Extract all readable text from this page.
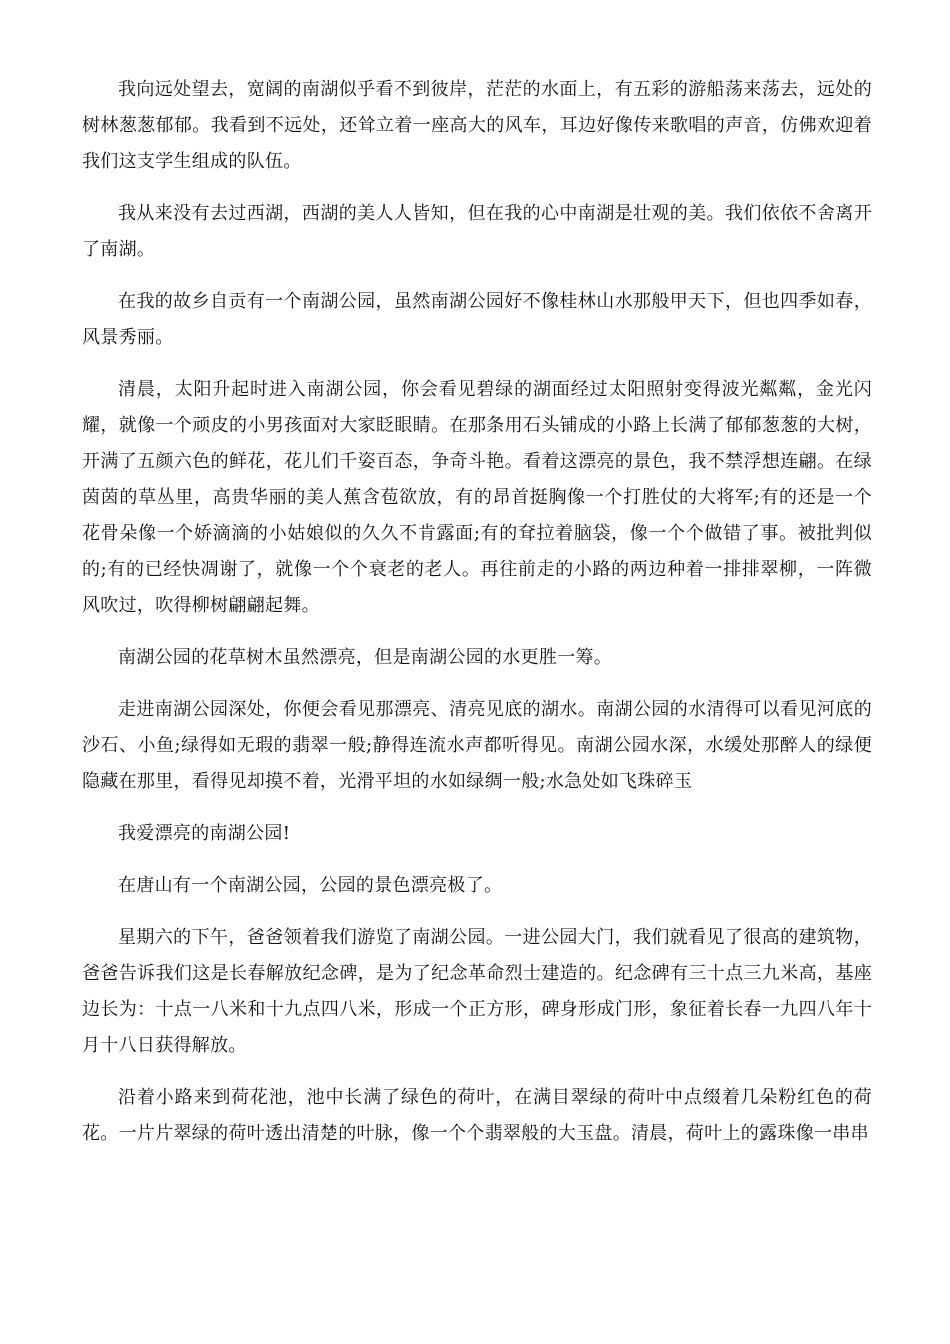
我向远处望去，宽阔的南湖似乎看不到彼岸，茫茫的水面上，有五彩的游船荡来荡去，远处的树林葱葱郁郁。我看到不远处，还耸立着一座高大的风车，耳边好像传来歌唱的声音，仿佛欢迎着我们这支学生组成的队伍。

我从来没有去过西湖，西湖的美人人皆知，但在我的心中南湖是壮观的美。我们依依不舍离开了南湖。

在我的故乡自贡有一个南湖公园，虽然南湖公园好不像桂林山水那般甲天下，但也四季如春，风景秀丽。

清晨，太阳升起时进入南湖公园，你会看见碧绿的湖面经过太阳照射变得波光粼粼，金光闪耀，就像一个顽皮的小男孩面对大家眨眼睛。在那条用石头铺成的小路上长满了郁郁葱葱的大树，开满了五颜六色的鲜花，花儿们千姿百态，争奇斗艳。看着这漂亮的景色，我不禁浮想连翩。在绿茵茵的草丛里，高贵华丽的美人蕉含苞欲放，有的昂首挺胸像一个打胜仗的大将军;有的还是一个花骨朵像一个娇滴滴的小姑娘似的久久不肯露面;有的耷拉着脑袋，像一个个做错了事。被批判似的;有的已经快凋谢了，就像一个个衰老的老人。再往前走的小路的两边种着一排排翠柳，一阵微风吹过，吹得柳树翩翩起舞。

南湖公园的花草树木虽然漂亮，但是南湖公园的水更胜一筹。

走进南湖公园深处，你便会看见那漂亮、清亮见底的湖水。南湖公园的水清得可以看见河底的沙石、小鱼;绿得如无瑕的翡翠一般;静得连流水声都听得见。南湖公园水深，水缓处那醉人的绿便隐藏在那里，看得见却摸不着，光滑平坦的水如绿绸一般;水急处如飞珠碎玉

我爱漂亮的南湖公园!

在唐山有一个南湖公园，公园的景色漂亮极了。

星期六的下午，爸爸领着我们游览了南湖公园。一进公园大门，我们就看见了很高的建筑物，爸爸告诉我们这是长春解放纪念碑，是为了纪念革命烈士建造的。纪念碑有三十点三九米高，基座边长为：十点一八米和十九点四八米，形成一个正方形，碑身形成门形，象征着长春一九四八年十月十八日获得解放。

沿着小路来到荷花池，池中长满了绿色的荷叶，在满目翠绿的荷叶中点缀着几朵粉红色的荷花。一片片翠绿的荷叶透出清楚的叶脉，像一个个翡翠般的大玉盘。清晨，荷叶上的露珠像一串串
